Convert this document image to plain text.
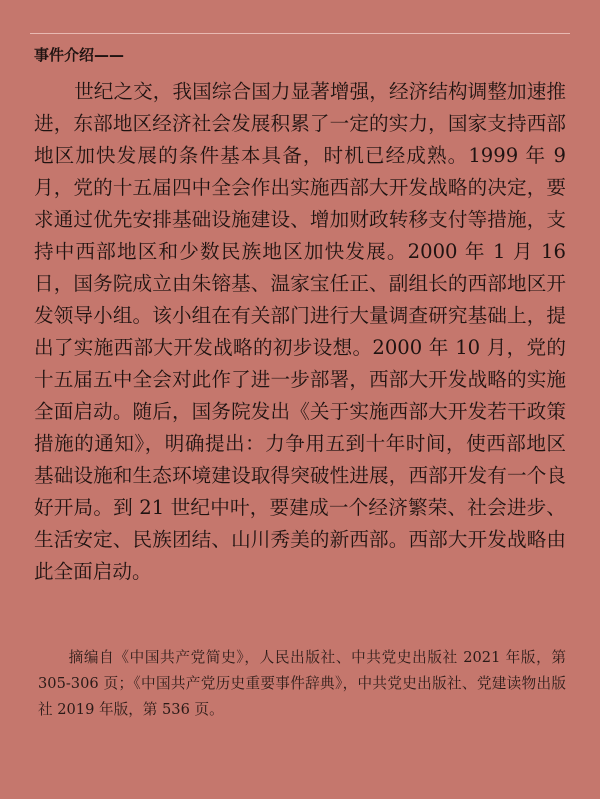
事件介绍——

世纪之交，我国综合国力显著增强，经济结构调整加速推进，东部地区经济社会发展积累了一定的实力，国家支持西部地区加快发展的条件基本具备，时机已经成熟。1999 年 9 月，党的十五届四中全会作出实施西部大开发战略的决定，要求通过优先安排基础设施建设、增加财政转移支付等措施，支持中西部地区和少数民族地区加快发展。2000 年 1 月 16 日，国务院成立由朱镕基、温家宝任正、副组长的西部地区开发领导小组。该小组在有关部门进行大量调查研究基础上，提出了实施西部大开发战略的初步设想。2000 年 10 月，党的十五届五中全会对此作了进一步部署，西部大开发战略的实施全面启动。随后，国务院发出《关于实施西部大开发若干政策措施的通知》，明确提出：力争用五到十年时间，使西部地区基础设施和生态环境建设取得突破性进展，西部开发有一个良好开局。到 21 世纪中叶，要建成一个经济繁荣、社会进步、生活安定、民族团结、山川秀美的新西部。西部大开发战略由此全面启动。

摘编自《中国共产党简史》，人民出版社、中共党史出版社 2021 年版，第 305-306 页；《中国共产党历史重要事件辞典》，中共党史出版社、党建读物出版社 2019 年版，第 536 页。
